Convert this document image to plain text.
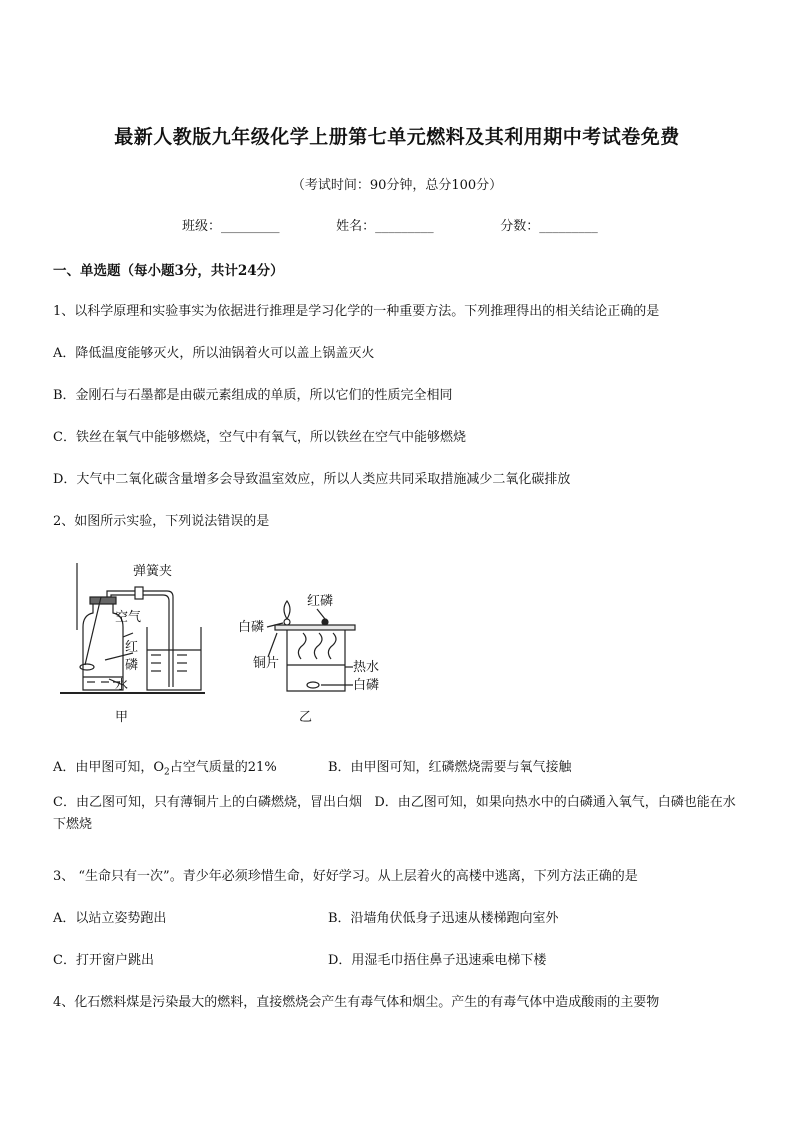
最新人教版九年级化学上册第七单元燃料及其利用期中考试卷免费
（考试时间：90分钟，总分100分）
班级：_________	姓名：_________	分数：_________
一、单选题（每小题3分，共计24分）
1、以科学原理和实验事实为依据进行推理是学习化学的一种重要方法。下列推理得出的相关结论正确的是
A．降低温度能够灭火，所以油锅着火可以盖上锅盖灭火
B．金刚石与石墨都是由碳元素组成的单质，所以它们的性质完全相同
C．铁丝在氧气中能够燃烧，空气中有氧气，所以铁丝在空气中能够燃烧
D．大气中二氧化碳含量增多会导致温室效应，所以人类应共同采取措施减少二氧化碳排放
2、如图所示实验，下列说法错误的是
弹簧夹
空气
红
磷
水
甲
红磷
白磷
铜片	热水
白磷
乙
A．由甲图可知，$O_2$占空气质量的21%	B．由甲图可知，红磷燃烧需要与氧气接触
C．由乙图可知，只有薄铜片上的白磷燃烧，冒出白烟 D．由乙图可知，如果向热水中的白磷通入氧气，白磷也能在水下燃烧
3、 “生命只有一次”。青少年必须珍惜生命，好好学习。从上层着火的高楼中逃离，下列方法正确的是
A．以站立姿势跑出	B．沿墙角伏低身子迅速从楼梯跑向室外
C．打开窗户跳出	D．用湿毛巾捂住鼻子迅速乘电梯下楼
4、化石燃料煤是污染最大的燃料，直接燃烧会产生有毒气体和烟尘。产生的有毒气体中造成酸雨的主要物
